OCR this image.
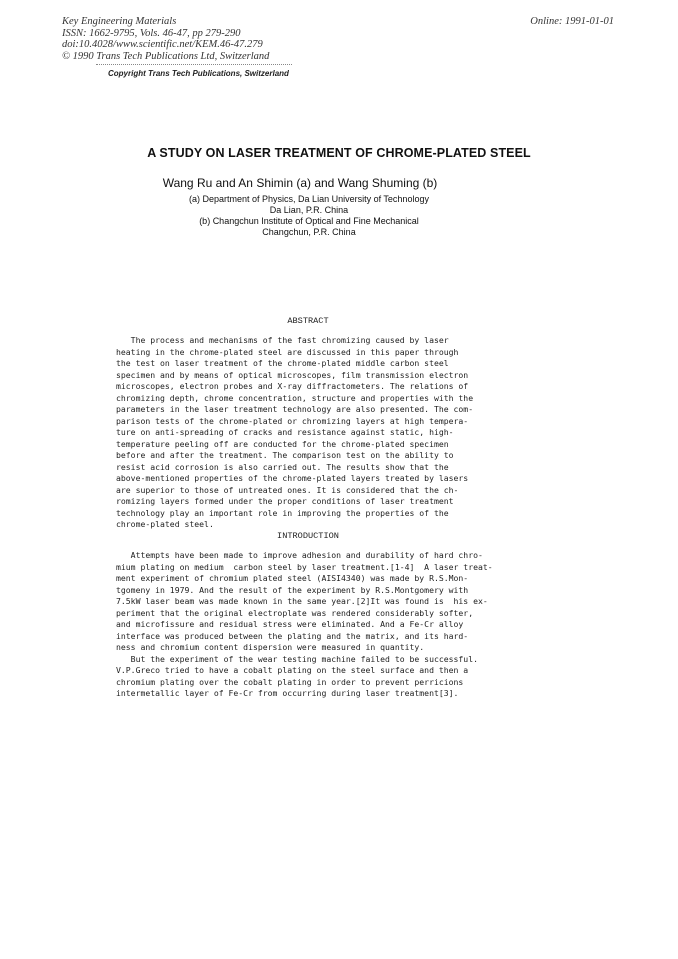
Key Engineering Materials
ISSN: 1662-9795, Vols. 46-47, pp 279-290
doi:10.4028/www.scientific.net/KEM.46-47.279
© 1990 Trans Tech Publications Ltd, Switzerland
Online: 1991-01-01
Copyright Trans Tech Publications, Switzerland
A STUDY ON LASER TREATMENT OF CHROME-PLATED STEEL
Wang Ru and An Shimin (a) and Wang Shuming (b)
(a) Department of Physics, Da Lian University of Technology
Da Lian, P.R. China
(b) Changchun Institute of Optical and Fine Mechanical
Changchun, P.R. China
ABSTRACT
The process and mechanisms of the fast chromizing caused by laser
heating in the chrome-plated steel are discussed in this paper through
the test on laser treatment of the chrome-plated middle carbon steel
specimen and by means of optical microscopes, film transmission electron
microscopes, electron probes and X-ray diffractometers. The relations of
chromizing depth, chrome concentration, structure and properties with the
parameters in the laser treatment technology are also presented. The com-
parison tests of the chrome-plated or chromizing layers at high tempera-
ture on anti-spreading of cracks and resistance against static, high-
temperature peeling off are conducted for the chrome-plated specimen
before and after the treatment. The comparison test on the ability to
resist acid corrosion is also carried out. The results show that the
above-mentioned properties of the chrome-plated layers treated by lasers
are superior to those of untreated ones. It is considered that the ch-
romizing layers formed under the proper conditions of laser treatment
technology play an important role in improving the properties of the
chrome-plated steel.
INTRODUCTION
Attempts have been made to improve adhesion and durability of hard chro-
mium plating on medium  carbon steel by laser treatment.[1-4]  A laser treat-
ment experiment of chromium plated steel (AISI4340) was made by R.S.Mon-
tgomeny in 1979. And the result of the experiment by R.S.Montgomery with
7.5kW laser beam was made known in the same year.[2]It was found is  his ex-
periment that the original electroplate was rendered considerably softer,
and microfissure and residual stress were eliminated. And a Fe-Cr alloy
interface was produced between the plating and the matrix, and its hard-
ness and chromium content dispersion were measured in quantity.
But the experiment of the wear testing machine failed to be successful.
V.P.Greco tried to have a cobalt plating on the steel surface and then a
chromium plating over the cobalt plating in order to prevent perricions
intermetallic layer of Fe-Cr from occurring during laser treatment[3].
